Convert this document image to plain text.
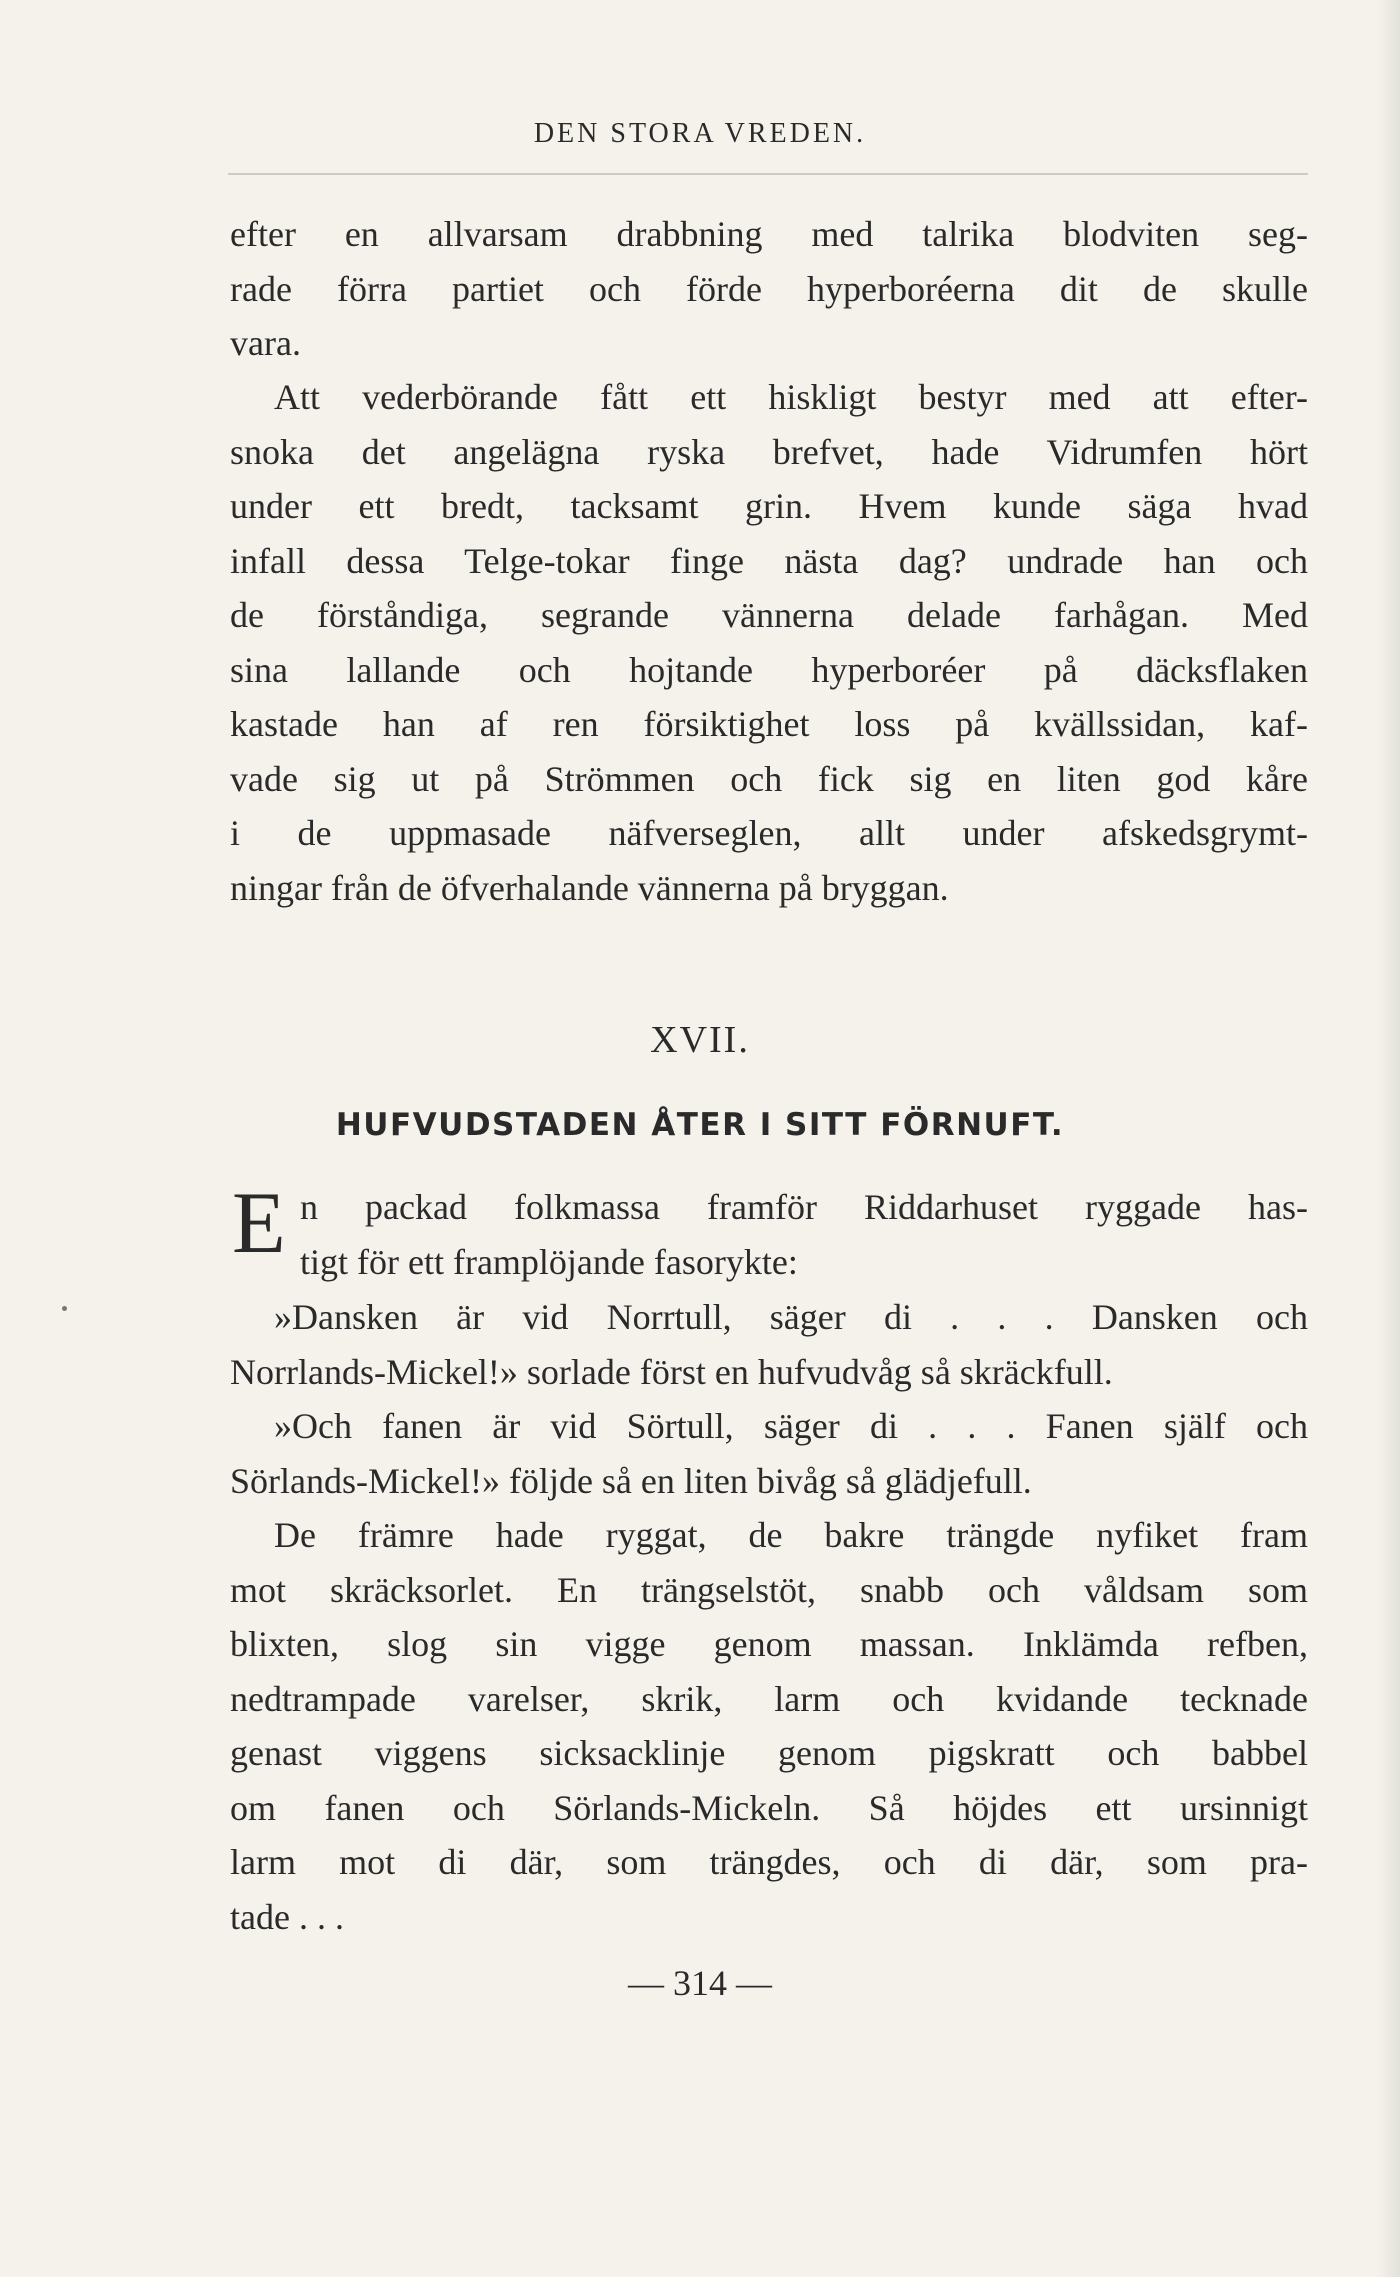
DEN STORA VREDEN.
efter en allvarsam drabbning med talrika blodviten seg-
rade förra partiet och förde hyperboréerna dit de skulle
vara.
Att vederbörande fått ett hiskligt bestyr med att efter-
snoka det angelägna ryska brefvet, hade Vidrumfen hört
under ett bredt, tacksamt grin. Hvem kunde säga hvad
infall dessa Telge-tokar finge nästa dag? undrade han och
de förståndiga, segrande vännerna delade farhågan. Med
sina lallande och hojtande hyperboréer på däcksflaken
kastade han af ren försiktighet loss på kvällssidan, kaf-
vade sig ut på Strömmen och fick sig en liten god kåre
i de uppmasade näfverseglen, allt under afskedsgrymt-
ningar från de öfverhalande vännerna på bryggan.
XVII.
HUFVUDSTADEN ÅTER I SITT FÖRNUFT.
E n packad folkmassa framför Riddarhuset ryggade has-
tigt för ett framplöjande fasorykte:
»Dansken är vid Norrtull, säger di . . . Dansken och
Norrlands-Mickel!» sorlade först en hufvudvåg så skräckfull.
»Och fanen är vid Sörtull, säger di . . . Fanen själf och
Sörlands-Mickel!» följde så en liten bivåg så glädjefull.
De främre hade ryggat, de bakre trängde nyfiket fram
mot skräcksorlet. En trängselstöt, snabb och våldsam som
blixten, slog sin vigge genom massan. Inklämda refben,
nedtrampade varelser, skrik, larm och kvidande tecknade
genast viggens sicksacklinje genom pigskratt och babbel
om fanen och Sörlands-Mickeln. Så höjdes ett ursinnigt
larm mot di där, som trängdes, och di där, som pra-
tade . . .
— 314 —
